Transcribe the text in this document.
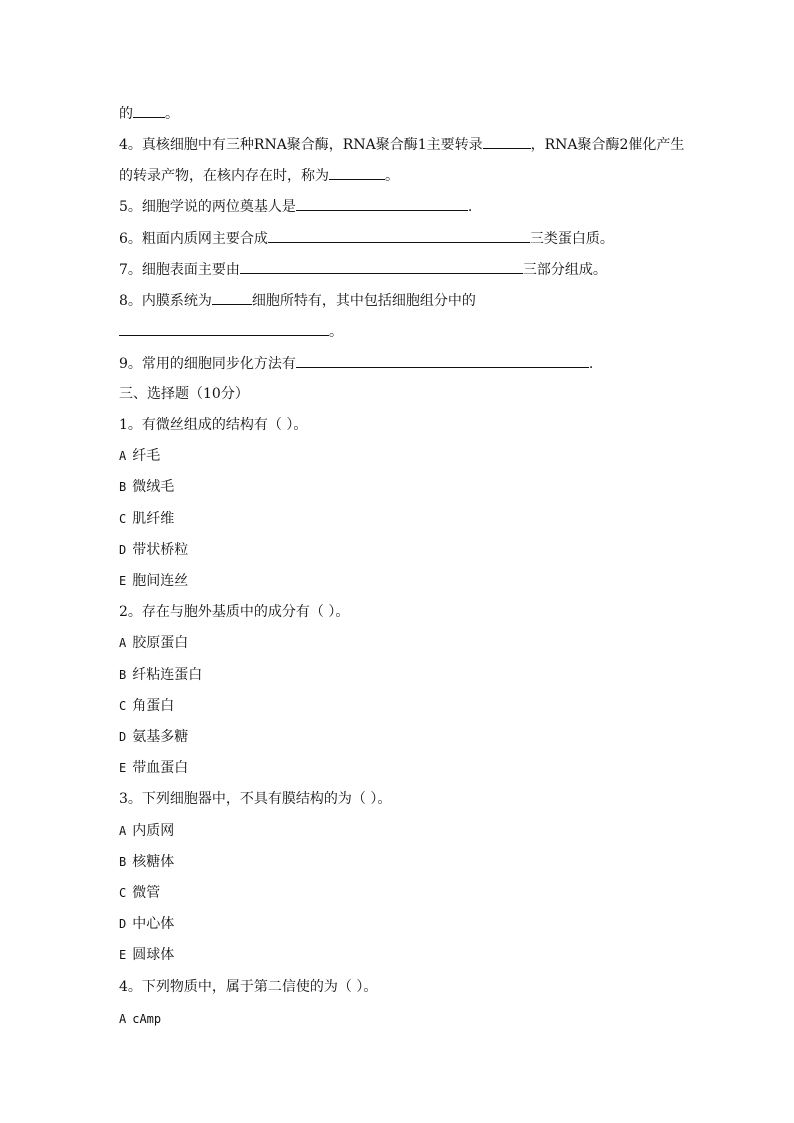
的 。
4。真核细胞中有三种RNA聚合酶，RNA聚合酶1主要转录	，RNA聚合酶2催化产生
的转录产物，在核内存在时，称为	。
5。细胞学说的两位奠基人是	.
6。粗面内质网主要合成	三类蛋白质。
7。细胞表面主要由	三部分组成。
8。内膜系统为	细胞所特有，其中包括细胞组分中的
。
9。常用的细胞同步化方法有	.
三、选择题（10分）
1。有微丝组成的结构有（ ）。
A 纤毛
B 微绒毛
C 肌纤维
D 带状桥粒
E 胞间连丝
2。存在与胞外基质中的成分有（ ）。
A 胶原蛋白
B 纤粘连蛋白
C 角蛋白
D 氨基多糖
E 带血蛋白
3。下列细胞器中，不具有膜结构的为（ ）。
A 内质网
B 核糖体
C 微管
D 中心体
E 圆球体
4。下列物质中，属于第二信使的为（ ）。
A cAmp
